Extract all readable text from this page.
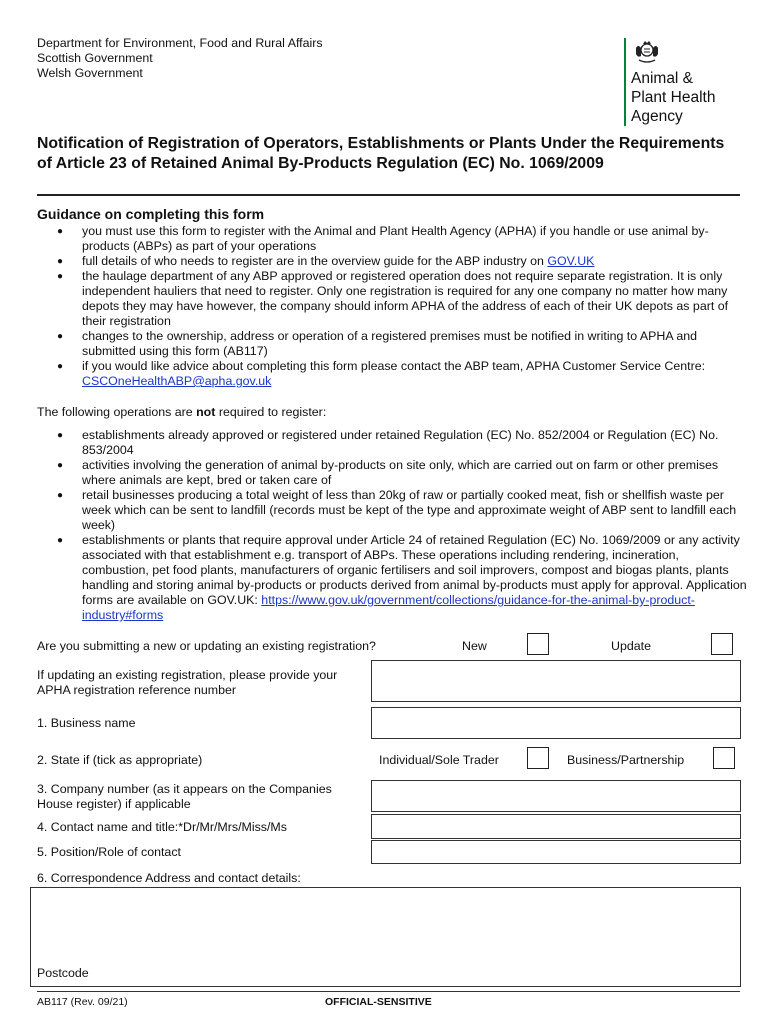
Department for Environment, Food and Rural Affairs
Scottish Government
Welsh Government	Animal &
Plant Health
Agency
Notification of Registration of Operators, Establishments or Plants Under the Requirements of Article 23 of Retained Animal By-Products Regulation (EC) No. 1069/2009
Guidance on completing this form
● you must use this form to register with the Animal and Plant Health Agency (APHA) if you handle or use animal by-products (ABPs) as part of your operations
● full details of who needs to register are in the overview guide for the ABP industry on GOV.UK
● the haulage department of any ABP approved or registered operation does not require separate registration. It is only independent hauliers that need to register. Only one registration is required for any one company no matter how many depots they may have however, the company should inform APHA of the address of each of their UK depots as part of their registration
● changes to the ownership, address or operation of a registered premises must be notified in writing to APHA and submitted using this form (AB117)
● if you would like advice about completing this form please contact the ABP team, APHA Customer Service Centre: CSCOneHealthABP@apha.gov.uk
The following operations are not required to register:
● establishments already approved or registered under retained Regulation (EC) No. 852/2004 or Regulation (EC) No. 853/2004
● activities involving the generation of animal by-products on site only, which are carried out on farm or other premises where animals are kept, bred or taken care of
● retail businesses producing a total weight of less than 20kg of raw or partially cooked meat, fish or shellfish waste per week which can be sent to landfill (records must be kept of the type and approximate weight of ABP sent to landfill each week)
● establishments or plants that require approval under Article 24 of retained Regulation (EC) No. 1069/2009 or any activity associated with that establishment e.g. transport of ABPs. These operations including rendering, incineration, combustion, pet food plants, manufacturers of organic fertilisers and soil improvers, compost and biogas plants, plants handling and storing animal by-products or products derived from animal by-products must apply for approval. Application forms are available on GOV.UK: https://www.gov.uk/government/collections/guidance-for-the-animal-by-product-industry#forms
Are you submitting a new or updating an existing registration?	New	Update
If updating an existing registration, please provide your APHA registration reference number
1. Business name
2. State if (tick as appropriate)	Individual/Sole Trader	Business/Partnership
3. Company number (as it appears on the Companies House register) if applicable
4. Contact name and title:*Dr/Mr/Mrs/Miss/Ms
5. Position/Role of contact
6. Correspondence Address and contact details:
Postcode
AB117 (Rev. 09/21)	OFFICIAL-SENSITIVE
